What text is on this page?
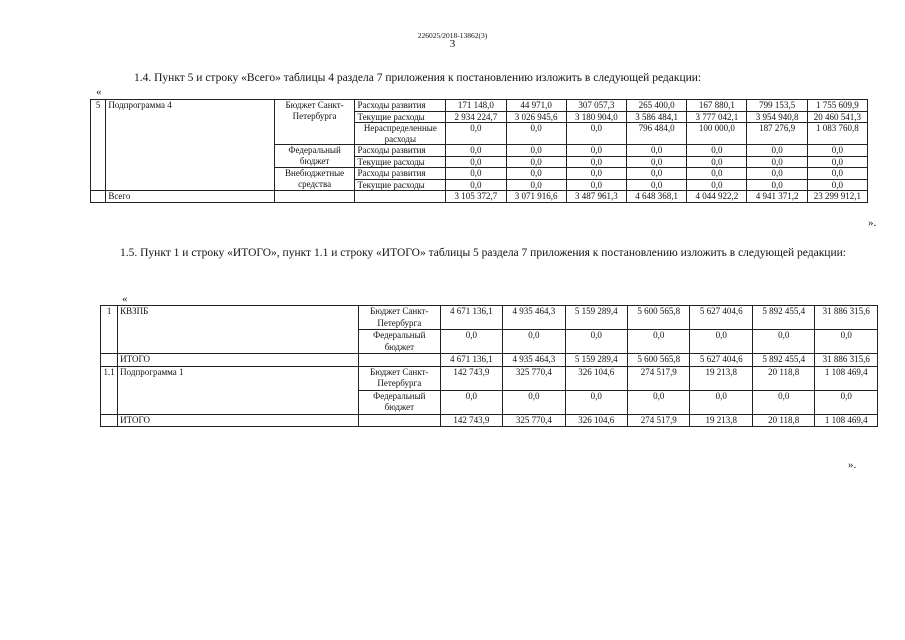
226025/2018-13862(3)
3
1.4. Пункт 5 и строку «Всего» таблицы 4 раздела 7 приложения к постановлению изложить в следующей редакции:
«
5	Подпрограмма 4	Бюджет Санкт-Петербурга	Расходы развития	171 148,0	44 971,0	307 057,3	265 400,0	167 880,1	799 153,5	1 755 609,9
			Текущие расходы	2 934 224,7	3 026 945,6	3 180 904,0	3 586 484,1	3 777 042,1	3 954 940,8	20 460 541,3
			Нераспределенные расходы	0,0	0,0	0,0	796 484,0	100 000,0	187 276,9	1 083 760,8
		Федеральный бюджет	Расходы развития	0,0	0,0	0,0	0,0	0,0	0,0	0,0
			Текущие расходы	0,0	0,0	0,0	0,0	0,0	0,0	0,0
		Внебюджетные средства	Расходы развития	0,0	0,0	0,0	0,0	0,0	0,0	0,0
			Текущие расходы	0,0	0,0	0,0	0,0	0,0	0,0	0,0
	Всего			3 105 372,7	3 071 916,6	3 487 961,3	4 648 368,1	4 044 922,2	4 941 371,2	23 299 912,1
».
1.5. Пункт 1 и строку «ИТОГО», пункт 1.1 и строку «ИТОГО» таблицы 5 раздела 7 приложения к постановлению изложить в следующей редакции:
«
1	КВЗПБ	Бюджет Санкт-Петербурга	4 671 136,1	4 935 464,3	5 159 289,4	5 600 565,8	5 627 404,6	5 892 455,4	31 886 315,6
		Федеральный бюджет	0,0	0,0	0,0	0,0	0,0	0,0	0,0
	ИТОГО		4 671 136,1	4 935 464,3	5 159 289,4	5 600 565,8	5 627 404,6	5 892 455,4	31 886 315,6
1.1	Подпрограмма 1	Бюджет Санкт-Петербурга	142 743,9	325 770,4	326 104,6	274 517,9	19 213,8	20 118,8	1 108 469,4
		Федеральный бюджет	0,0	0,0	0,0	0,0	0,0	0,0	0,0
	ИТОГО		142 743,9	325 770,4	326 104,6	274 517,9	19 213,8	20 118,8	1 108 469,4
».
